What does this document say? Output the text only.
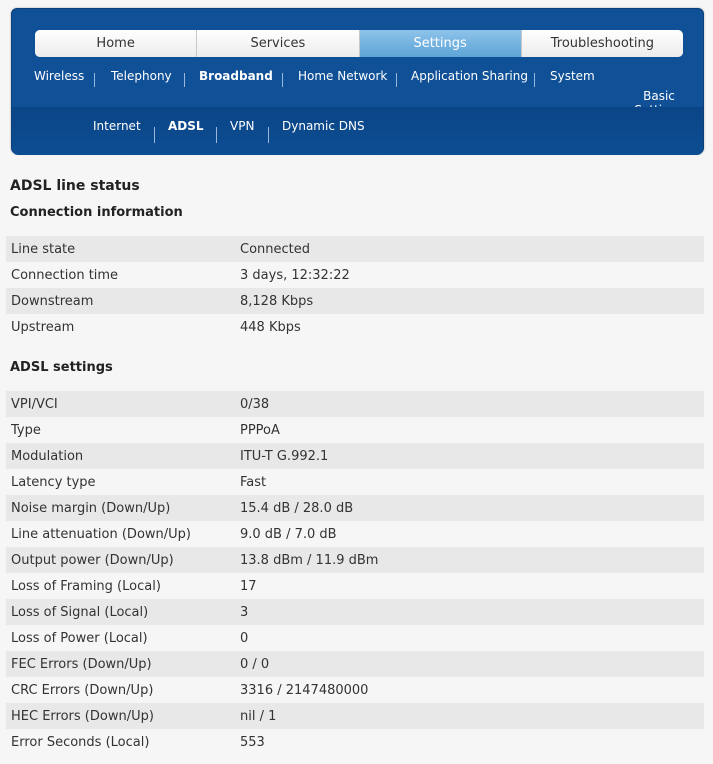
Home	Services	Settings	Troubleshooting
Wireless Telephony Broadband Home Network Application Sharing System
Basic
Internet ADSL VPN Dynamic DNS
ADSL line status
Connection information
Line state	Connected
Connection time	3 days, 12:32:22
Downstream	8,128 Kbps
Upstream	448 Kbps
ADSL settings
VPI/VCI	0/38
Type	PPPoA
Modulation	ITU-T G.992.1
Latency type	Fast
Noise margin (Down/Up)	15.4 dB / 28.0 dB
Line attenuation (Down/Up)	9.0 dB / 7.0 dB
Output power (Down/Up)	13.8 dBm / 11.9 dBm
Loss of Framing (Local)	17
Loss of Signal (Local)	3
Loss of Power (Local)	0
FEC Errors (Down/Up)	0 / 0
CRC Errors (Down/Up)	3316 / 2147480000
HEC Errors (Down/Up)	nil / 1
Error Seconds (Local)	553
